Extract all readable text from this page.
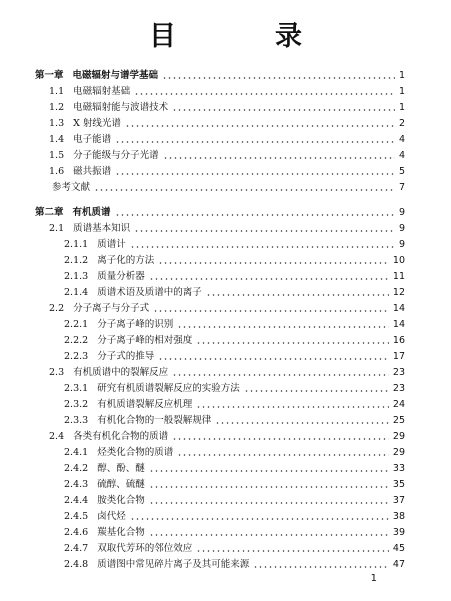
目　录
第一章 电磁辐射与谱学基础	1
1.1 电磁辐射基础	1
1.2 电磁辐射能与波谱技术	1
1.3 X 射线光谱	2
1.4 电子能谱	4
1.5 分子能级与分子光谱	4
1.6 磁共振谱	5
参考文献	7
第二章 有机质谱	9
2.1 质谱基本知识	9
2.1.1 质谱计	9
2.1.2 离子化的方法	10
2.1.3 质量分析器	11
2.1.4 质谱术语及质谱中的离子	12
2.2 分子离子与分子式	14
2.2.1 分子离子峰的识别	14
2.2.2 分子离子峰的相对强度	16
2.2.3 分子式的推导	17
2.3 有机质谱中的裂解反应	23
2.3.1 研究有机质谱裂解反应的实验方法	23
2.3.2 有机质谱裂解反应机理	24
2.3.3 有机化合物的一般裂解规律	25
2.4 各类有机化合物的质谱	29
2.4.1 烃类化合物的质谱	29
2.4.2 醇、酚、醚	33
2.4.3 硫醇、硫醚	35
2.4.4 胺类化合物	37
2.4.5 卤代烃	38
2.4.6 羰基化合物	39
2.4.7 双取代芳环的邻位效应	45
2.4.8 质谱图中常见碎片离子及其可能来源	47
1
